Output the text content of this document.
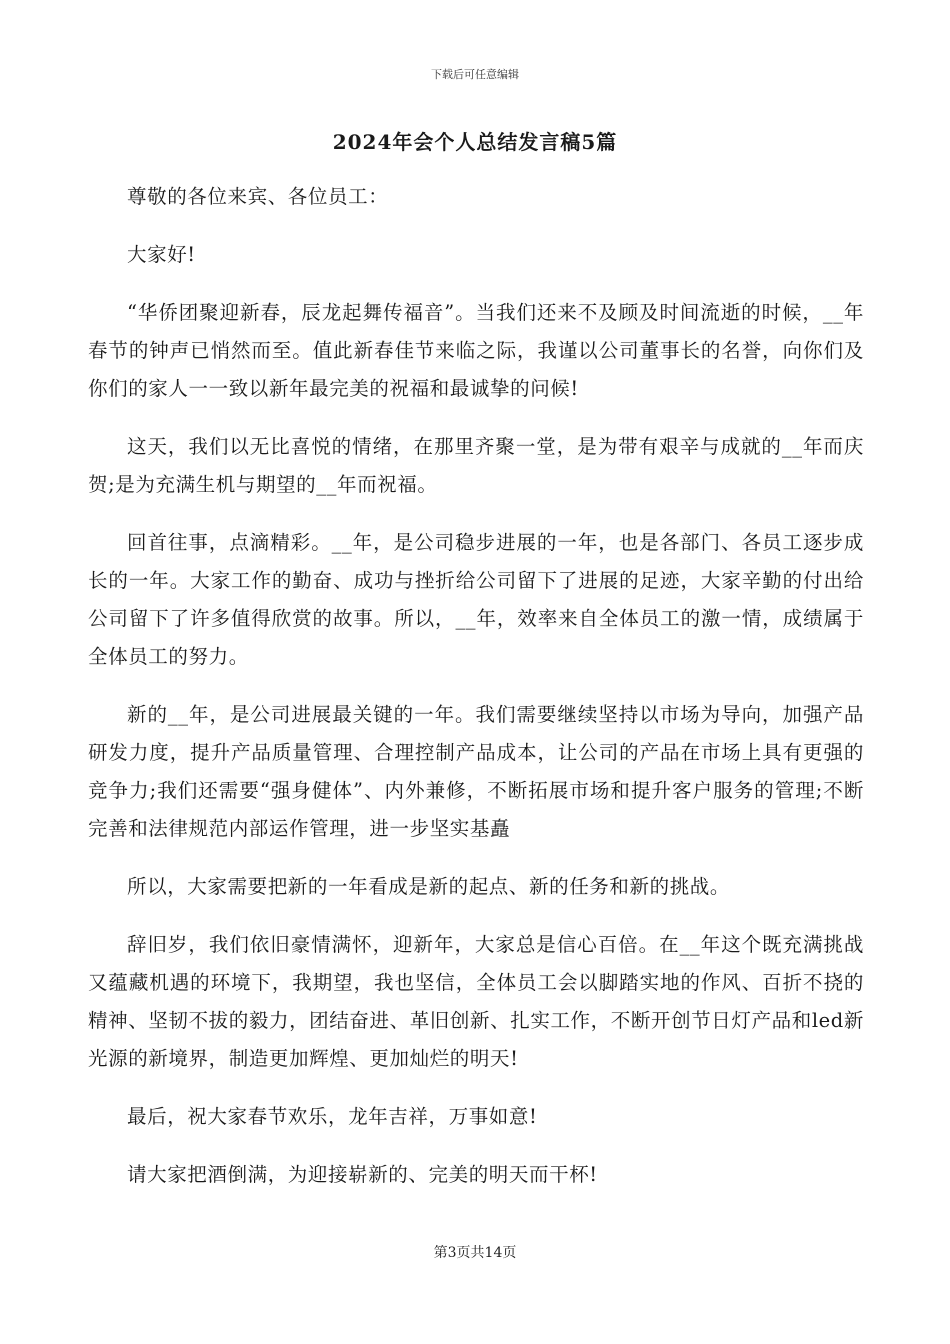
下载后可任意编辑
2024年会个人总结发言稿5篇

尊敬的各位来宾、各位员工：

大家好!

“华侨团聚迎新春，辰龙起舞传福音”。当我们还来不及顾及时间流逝的时候，__年春节的钟声已悄然而至。值此新春佳节来临之际，我谨以公司董事长的名誉，向你们及你们的家人一一致以新年最完美的祝福和最诚挚的问候!

这天，我们以无比喜悦的情绪，在那里齐聚一堂，是为带有艰辛与成就的__年而庆贺;是为充满生机与期望的__年而祝福。

回首往事，点滴精彩。__年，是公司稳步进展的一年，也是各部门、各员工逐步成长的一年。大家工作的勤奋、成功与挫折给公司留下了进展的足迹，大家辛勤的付出给公司留下了许多值得欣赏的故事。所以，__年，效率来自全体员工的激一情，成绩属于全体员工的努力。

新的__年，是公司进展最关键的一年。我们需要继续坚持以市场为导向，加强产品研发力度，提升产品质量管理、合理控制产品成本，让公司的产品在市场上具有更强的竞争力;我们还需要“强身健体”、内外兼修，不断拓展市场和提升客户服务的管理;不断完善和法律规范内部运作管理，进一步坚实基矗

所以，大家需要把新的一年看成是新的起点、新的任务和新的挑战。

辞旧岁，我们依旧豪情满怀，迎新年，大家总是信心百倍。在__年这个既充满挑战又蕴藏机遇的环境下，我期望，我也坚信，全体员工会以脚踏实地的作风、百折不挠的精神、坚韧不拔的毅力，团结奋进、革旧创新、扎实工作，不断开创节日灯产品和led新光源的新境界，制造更加辉煌、更加灿烂的明天!

最后，祝大家春节欢乐，龙年吉祥，万事如意!

请大家把酒倒满，为迎接崭新的、完美的明天而干杯!

第3页共14页
